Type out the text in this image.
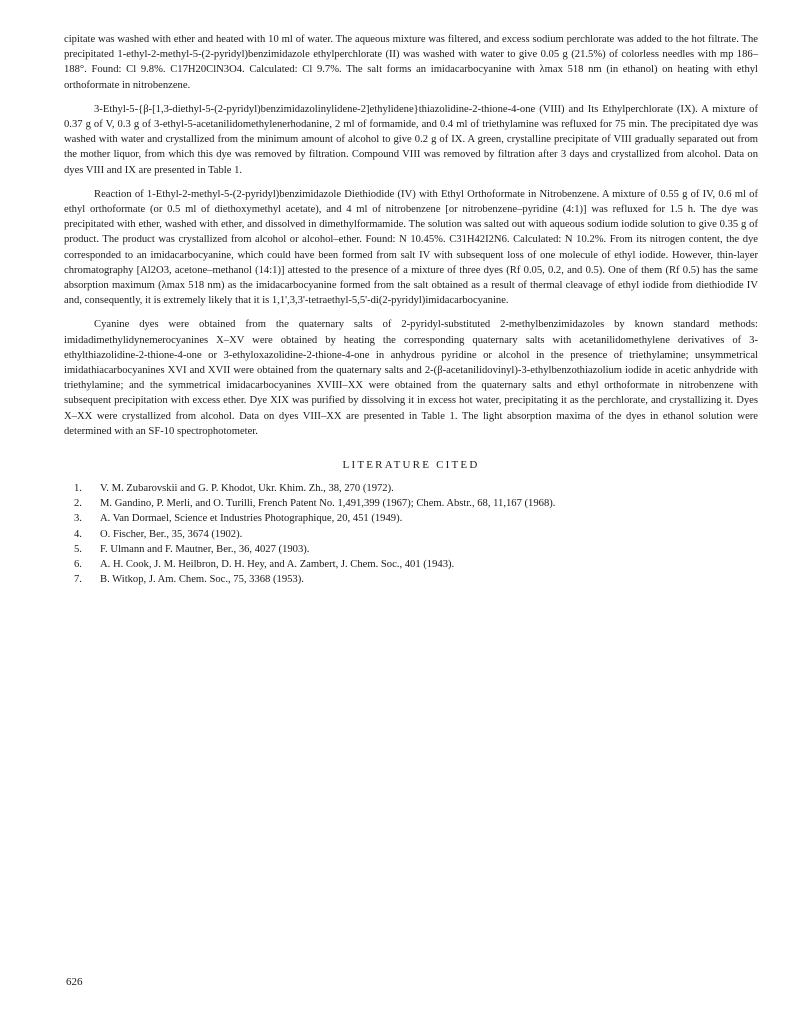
cipitate was washed with ether and heated with 10 ml of water. The aqueous mixture was filtered, and excess sodium perchlorate was added to the hot filtrate. The precipitated 1-ethyl-2-methyl-5-(2-pyridyl)benzimidazole ethylperchlorate (II) was washed with water to give 0.05 g (21.5%) of colorless needles with mp 186–188°. Found: Cl 9.8%. C17H20ClN3O4. Calculated: Cl 9.7%. The salt forms an imidacarbocyanine with λmax 518 nm (in ethanol) on heating with ethyl orthoformate in nitrobenzene.

3-Ethyl-5-{β-[1,3-diethyl-5-(2-pyridyl)benzimidazolinylidene-2]ethylidene}thiazolidine-2-thione-4-one (VIII) and Its Ethylperchlorate (IX). A mixture of 0.37 g of V, 0.3 g of 3-ethyl-5-acetanilidomethylenerhodanine, 2 ml of formamide, and 0.4 ml of triethylamine was refluxed for 75 min. The precipitated dye was washed with water and crystallized from the minimum amount of alcohol to give 0.2 g of IX. A green, crystalline precipitate of VIII gradually separated out from the mother liquor, from which this dye was removed by filtration. Compound VIII was removed by filtration after 3 days and crystallized from alcohol. Data on dyes VIII and IX are presented in Table 1.

Reaction of 1-Ethyl-2-methyl-5-(2-pyridyl)benzimidazole Diethiodide (IV) with Ethyl Orthoformate in Nitrobenzene. A mixture of 0.55 g of IV, 0.6 ml of ethyl orthoformate (or 0.5 ml of diethoxymethyl acetate), and 4 ml of nitrobenzene [or nitrobenzene–pyridine (4:1)] was refluxed for 1.5 h. The dye was precipitated with ether, washed with ether, and dissolved in dimethylformamide. The solution was salted out with aqueous sodium iodide solution to give 0.35 g of product. The product was crystallized from alcohol or alcohol–ether. Found: N 10.45%. C31H42I2N6. Calculated: N 10.2%. From its nitrogen content, the dye corresponded to an imidacarbocyanine, which could have been formed from salt IV with subsequent loss of one molecule of ethyl iodide. However, thin-layer chromatography [Al2O3, acetone–methanol (14:1)] attested to the presence of a mixture of three dyes (Rf 0.05, 0.2, and 0.5). One of them (Rf 0.5) has the same absorption maximum (λmax 518 nm) as the imidacarbocyanine formed from the salt obtained as a result of thermal cleavage of ethyl iodide from diethiodide IV and, consequently, it is extremely likely that it is 1,1',3,3'-tetraethyl-5,5'-di(2-pyridyl)imidacarbocyanine.

Cyanine dyes were obtained from the quaternary salts of 2-pyridyl-substituted 2-methylbenzimidazoles by known standard methods: imidadimethylidynemerocyanines X–XV were obtained by heating the corresponding quaternary salts with acetanilidomethylene derivatives of 3-ethylthiazolidine-2-thione-4-one or 3-ethyloxazolidine-2-thione-4-one in anhydrous pyridine or alcohol in the presence of triethylamine; unsymmetrical imidathiacarbocyanines XVI and XVII were obtained from the quaternary salts and 2-(β-acetanilidovinyl)-3-ethylbenzothiazolium iodide in acetic anhydride with triethylamine; and the symmetrical imidacarbocyanines XVIII–XX were obtained from the quaternary salts and ethyl orthoformate in nitrobenzene with subsequent precipitation with excess ether. Dye XIX was purified by dissolving it in excess hot water, precipitating it as the perchlorate, and crystallizing it. Dyes X–XX were crystallized from alcohol. Data on dyes VIII–XX are presented in Table 1. The light absorption maxima of the dyes in ethanol solution were determined with an SF-10 spectrophotometer.

LITERATURE CITED
1.	V. M. Zubarovskii and G. P. Khodot, Ukr. Khim. Zh., 38, 270 (1972).
2.	M. Gandino, P. Merli, and O. Turilli, French Patent No. 1,491,399 (1967); Chem. Abstr., 68, 11,167 (1968).
3.	A. Van Dormael, Science et Industries Photographique, 20, 451 (1949).
4.	O. Fischer, Ber., 35, 3674 (1902).
5.	F. Ulmann and F. Mautner, Ber., 36, 4027 (1903).
6.	A. H. Cook, J. M. Heilbron, D. H. Hey, and A. Zambert, J. Chem. Soc., 401 (1943).
7.	B. Witkop, J. Am. Chem. Soc., 75, 3368 (1953).
626
